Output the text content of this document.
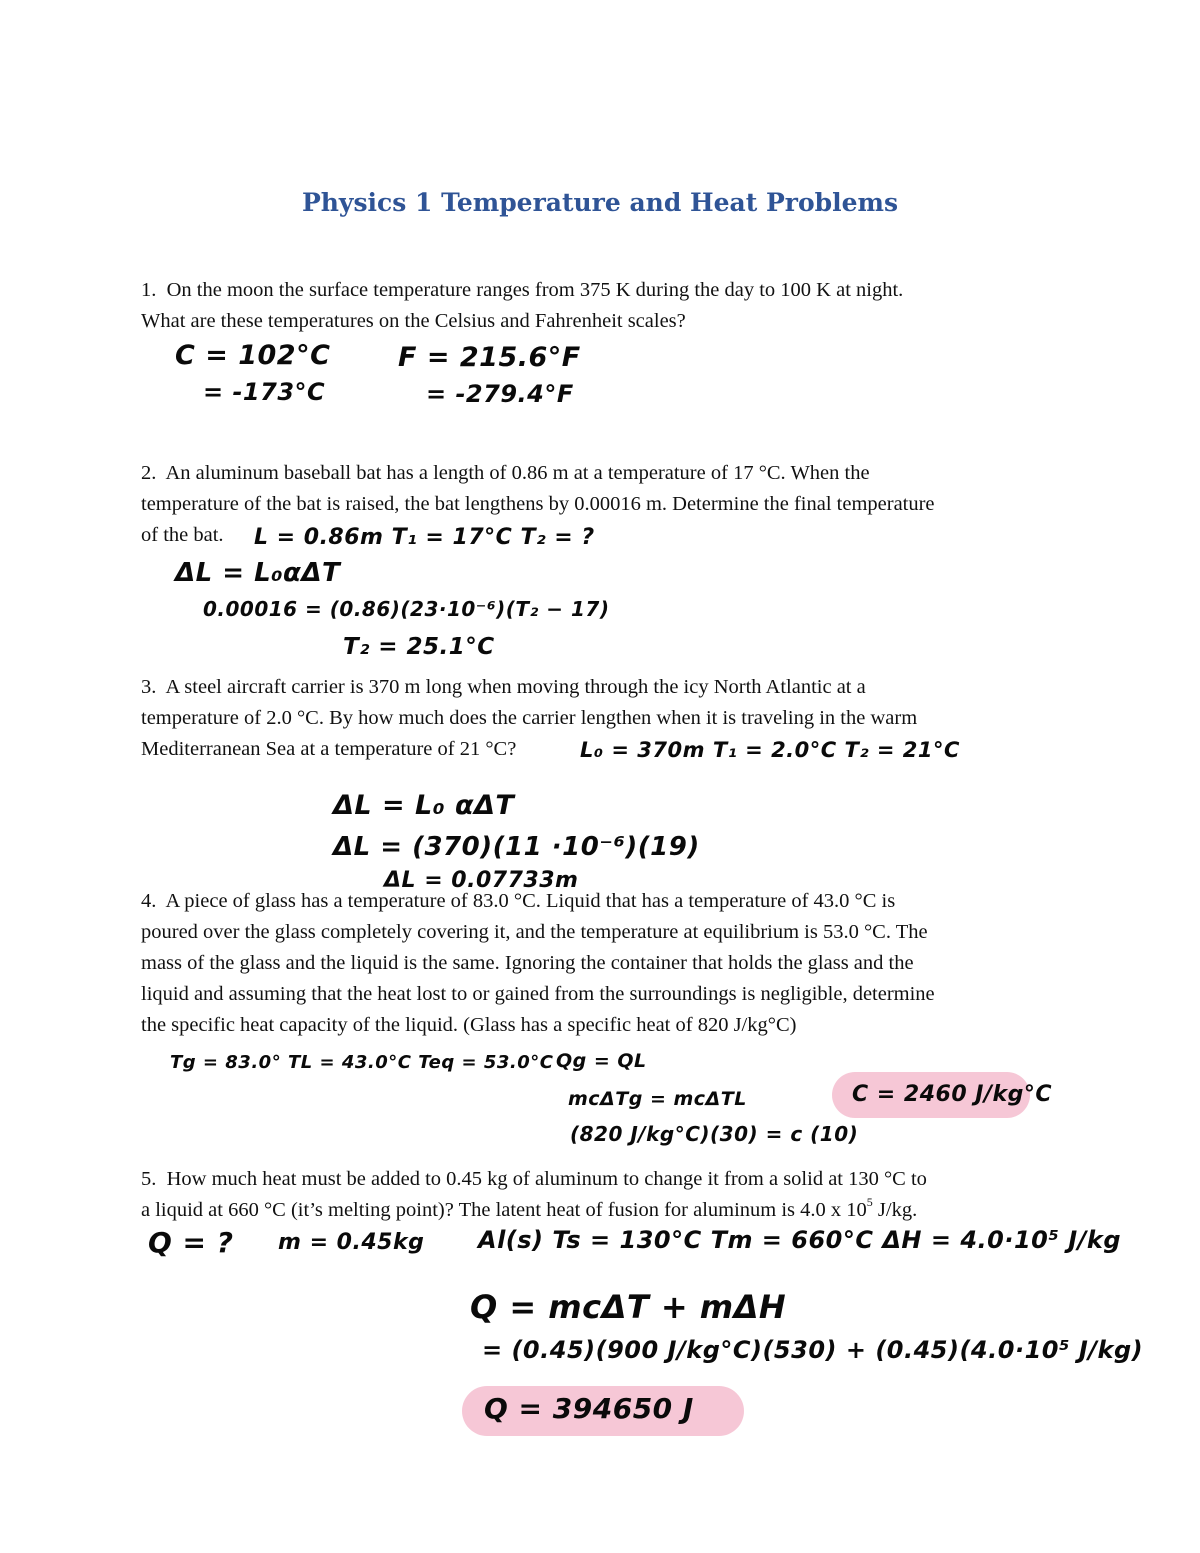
Physics 1 Temperature and Heat Problems

1. On the moon the surface temperature ranges from 375 K during the day to 100 K at night.
What are these temperatures on the Celsius and Fahrenheit scales?

C = 102°C
= -173°C
F = 215.6°F
= -279.4°F

2. An aluminum baseball bat has a length of 0.86 m at a temperature of 17 °C. When the
temperature of the bat is raised, the bat lengthens by 0.00016 m. Determine the final temperature
of the bat.	L = 0.86m T₁ = 17°C T₂ = ?
ΔL = L₀αΔT
0.00016 = (0.86)(23·10⁻⁶)(T₂ − 17)
T₂ = 25.1°C

3. A steel aircraft carrier is 370 m long when moving through the icy North Atlantic at a
temperature of 2.0 °C. By how much does the carrier lengthen when it is traveling in the warm
Mediterranean Sea at a temperature of 21 °C?	L₀ = 370m T₁ = 2.0°C T₂ = 21°C
ΔL = L₀ αΔT
ΔL = (370)(11 ·10⁻⁶)(19)
ΔL = 0.07733m

4. A piece of glass has a temperature of 83.0 °C. Liquid that has a temperature of 43.0 °C is
poured over the glass completely covering it, and the temperature at equilibrium is 53.0 °C. The
mass of the glass and the liquid is the same. Ignoring the container that holds the glass and the
liquid and assuming that the heat lost to or gained from the surroundings is negligible, determine
the specific heat capacity of the liquid. (Glass has a specific heat of 820 J/kg°C)

Tg = 83.0° TL = 43.0°C Teq = 53.0°C Qg = QL
mcΔTg = mcΔTL
(820 J/kg°C)(30) = c (10)
C = 2460 J/kg°C

5. How much heat must be added to 0.45 kg of aluminum to change it from a solid at 130 °C to
a liquid at 660 °C (it’s melting point)? The latent heat of fusion for aluminum is 4.0 x $10^5$ J/kg.

Q = ? m = 0.45kg Al(s) Ts = 130°C Tm = 660°C ΔH = 4.0·10⁵ J/kg
Q = mcΔT + mΔH
= (0.45)(900 J/kg°C)(530) + (0.45)(4.0·10⁵ J/kg)
Q = 394650 J
